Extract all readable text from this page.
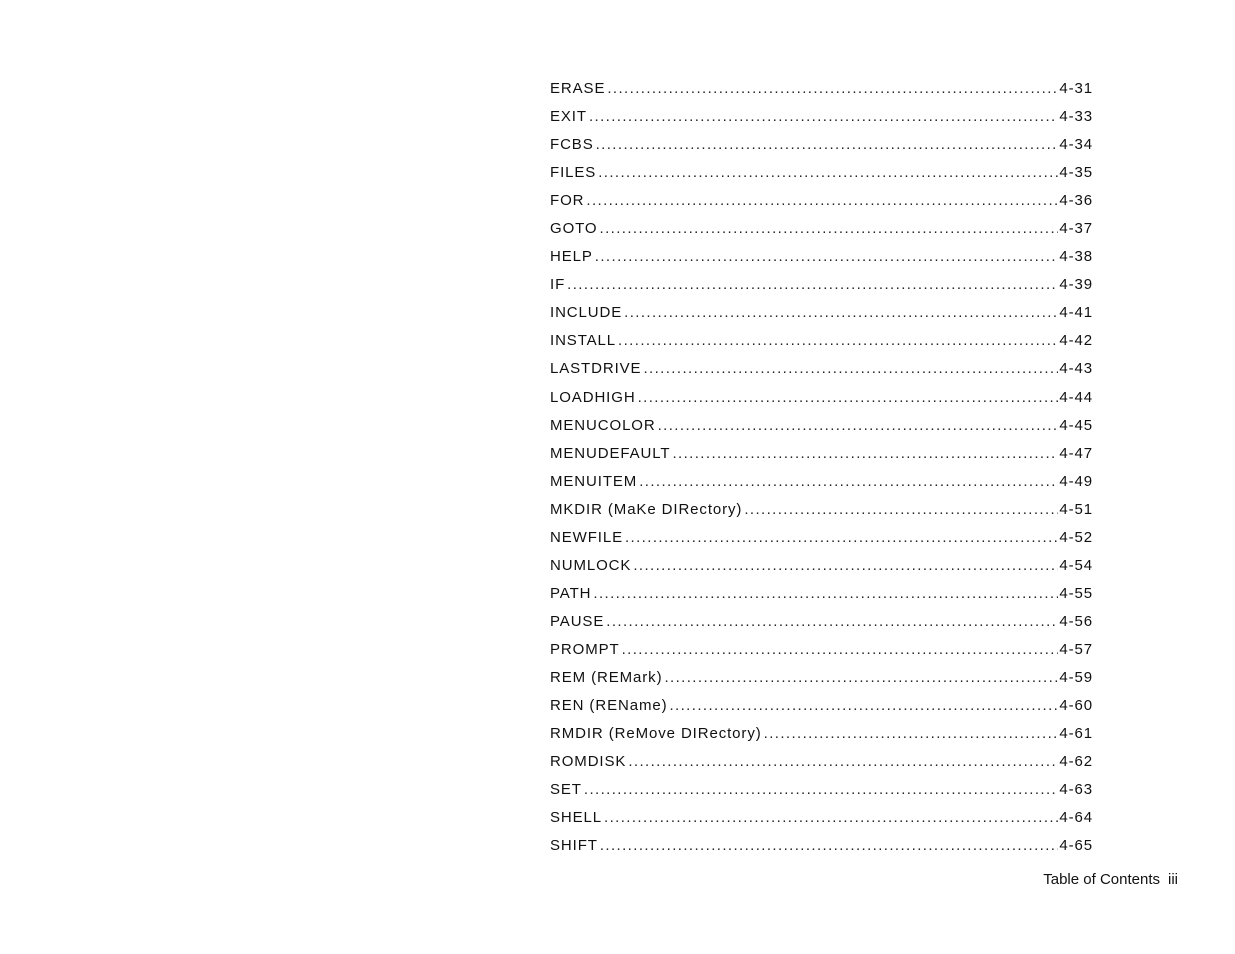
ERASE .....	4-31
EXIT .....	4-33
FCBS .....	4-34
FILES .....	4-35
FOR .....	4-36
GOTO .....	4-37
HELP .....	4-38
IF .....	4-39
INCLUDE .....	4-41
INSTALL .....	4-42
LASTDRIVE .....	4-43
LOADHIGH .....	4-44
MENUCOLOR .....	4-45
MENUDEFAULT .....	4-47
MENUITEM .....	4-49
MKDIR (MaKe DIRectory) .....	4-51
NEWFILE .....	4-52
NUMLOCK .....	4-54
PATH .....	4-55
PAUSE .....	4-56
PROMPT .....	4-57
REM (REMark) .....	4-59
REN (REName) .....	4-60
RMDIR (ReMove DIRectory) .....	4-61
ROMDISK .....	4-62
SET .....	4-63
SHELL .....	4-64
SHIFT .....	4-65
Table of Contents iii
